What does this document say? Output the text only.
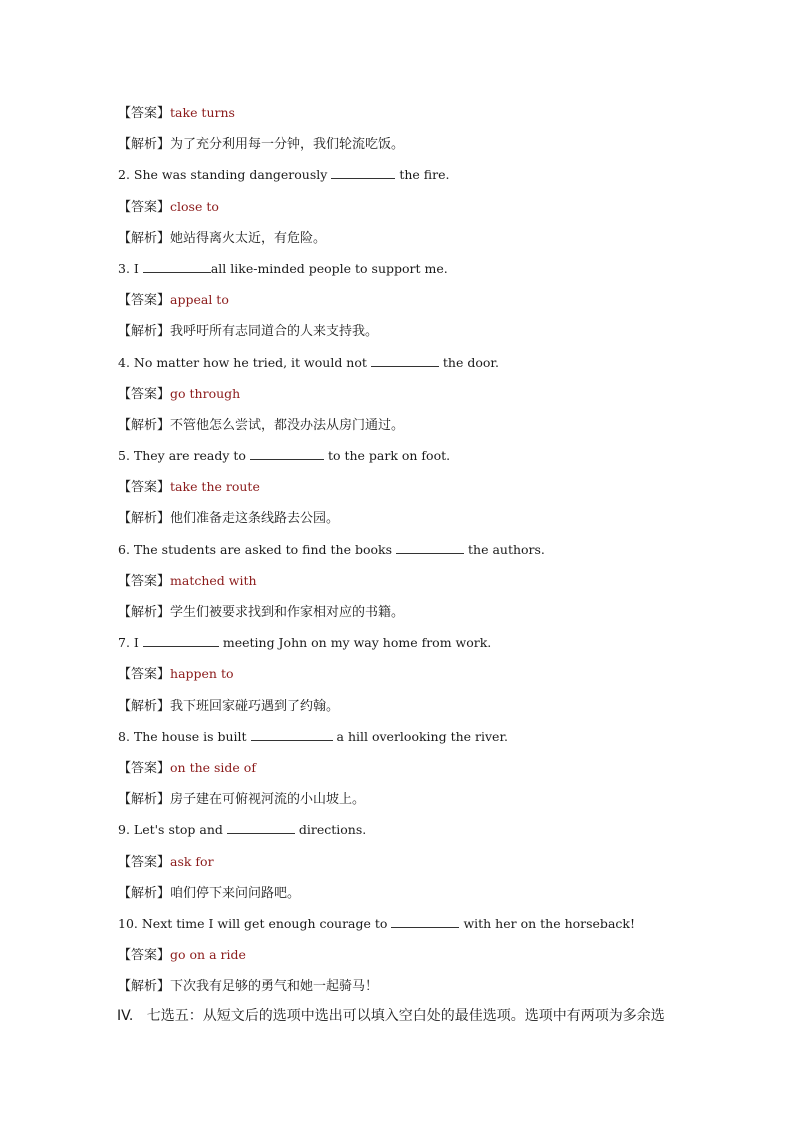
【答案】take turns
【解析】为了充分利用每一分钟，我们轮流吃饭。
2. She was standing dangerously	the fire.
【答案】close to
【解析】她站得离火太近，有危险。
3. I	all like-minded people to support me.
【答案】appeal to
【解析】我呼吁所有志同道合的人来支持我。
4. No matter how he tried, it would not	the door.
【答案】go through
【解析】不管他怎么尝试，都没办法从房门通过。
5. They are ready to	to the park on foot.
【答案】take the route
【解析】他们准备走这条线路去公园。
6. The students are asked to find the books	the authors.
【答案】matched with
【解析】学生们被要求找到和作家相对应的书籍。
7. I	meeting John on my way home from work.
【答案】happen to
【解析】我下班回家碰巧遇到了约翰。
8. The house is built	a hill overlooking the river.
【答案】on the side of
【解析】房子建在可俯视河流的小山坡上。
9. Let's stop and	directions.
【答案】ask for
【解析】咱们停下来问问路吧。
10. Next time I will get enough courage to	with her on the horseback!
【答案】go on a ride
【解析】下次我有足够的勇气和她一起骑马！
IV. 七选五：从短文后的选项中选出可以填入空白处的最佳选项。选项中有两项为多余选
